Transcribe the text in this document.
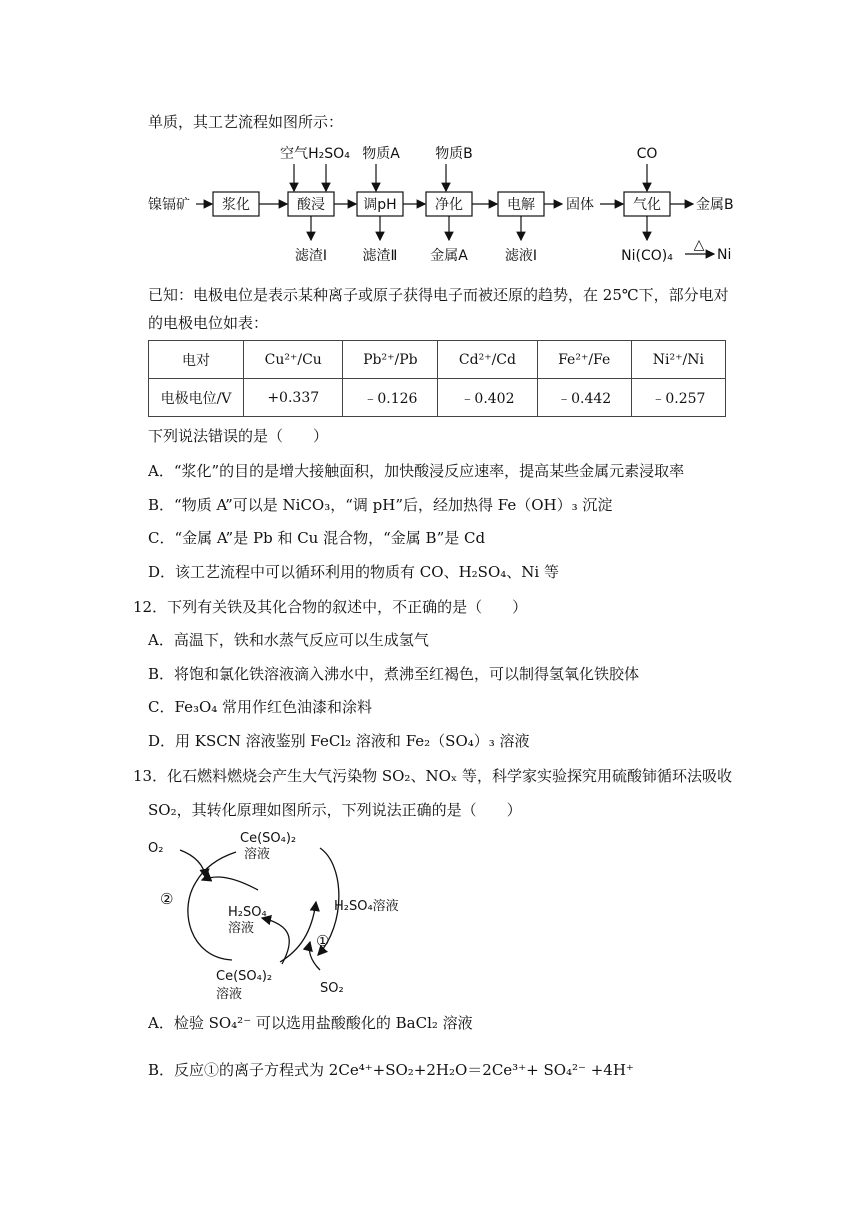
单质，其工艺流程如图所示：
镍镉矿 浆化	酸浸	调pH	净化	电解	气化
固体
空气 H₂SO₄ 物质A	物质B	CO
滤渣Ⅰ	滤渣Ⅱ 金属A	滤液Ⅰ
金属B
Ni(CO)₄
△
Ni
已知：电极电位是表示某种离子或原子获得电子而被还原的趋势，在 25℃下，部分电对
的电极电位如表：
电对	Cu²⁺/Cu	Pb²⁺/Pb	Cd²⁺/Cd	Fe²⁺/Fe	Ni²⁺/Ni
电极电位/V	+0.337	﹣0.126	﹣0.402	﹣0.442	﹣0.257
下列说法错误的是（　　）
A．“浆化”的目的是增大接触面积，加快酸浸反应速率，提高某些金属元素浸取率
B．“物质 A”可以是 NiCO₃，“调 pH”后，经加热得 Fe（OH）₃ 沉淀
C．“金属 A”是 Pb 和 Cu 混合物，“金属 B”是 Cd
D．该工艺流程中可以循环利用的物质有 CO、H₂SO₄、Ni 等
12．下列有关铁及其化合物的叙述中，不正确的是（　　）
A．高温下，铁和水蒸气反应可以生成氢气
B．将饱和氯化铁溶液滴入沸水中，煮沸至红褐色，可以制得氢氧化铁胶体
C．Fe₃O₄ 常用作红色油漆和涂料
D．用 KSCN 溶液鉴别 FeCl₂ 溶液和 Fe₂（SO₄）₃ 溶液
13．化石燃料燃烧会产生大气污染物 SO₂、NOₓ 等，科学家实验探究用硫酸铈循环法吸收
SO₂，其转化原理如图所示，下列说法正确的是（　　）
Ce(SO₄)₂
溶液
H₂SO₄
溶液
Ce(SO₄)₂
溶液
O₂
H₂SO₄溶液
SO₂
①
②
A．检验 SO₄²⁻ 可以选用盐酸酸化的 BaCl₂ 溶液
B．反应①的离子方程式为 2Ce⁴⁺+SO₂+2H₂O＝2Ce³⁺+ SO₄²⁻ +4H⁺
